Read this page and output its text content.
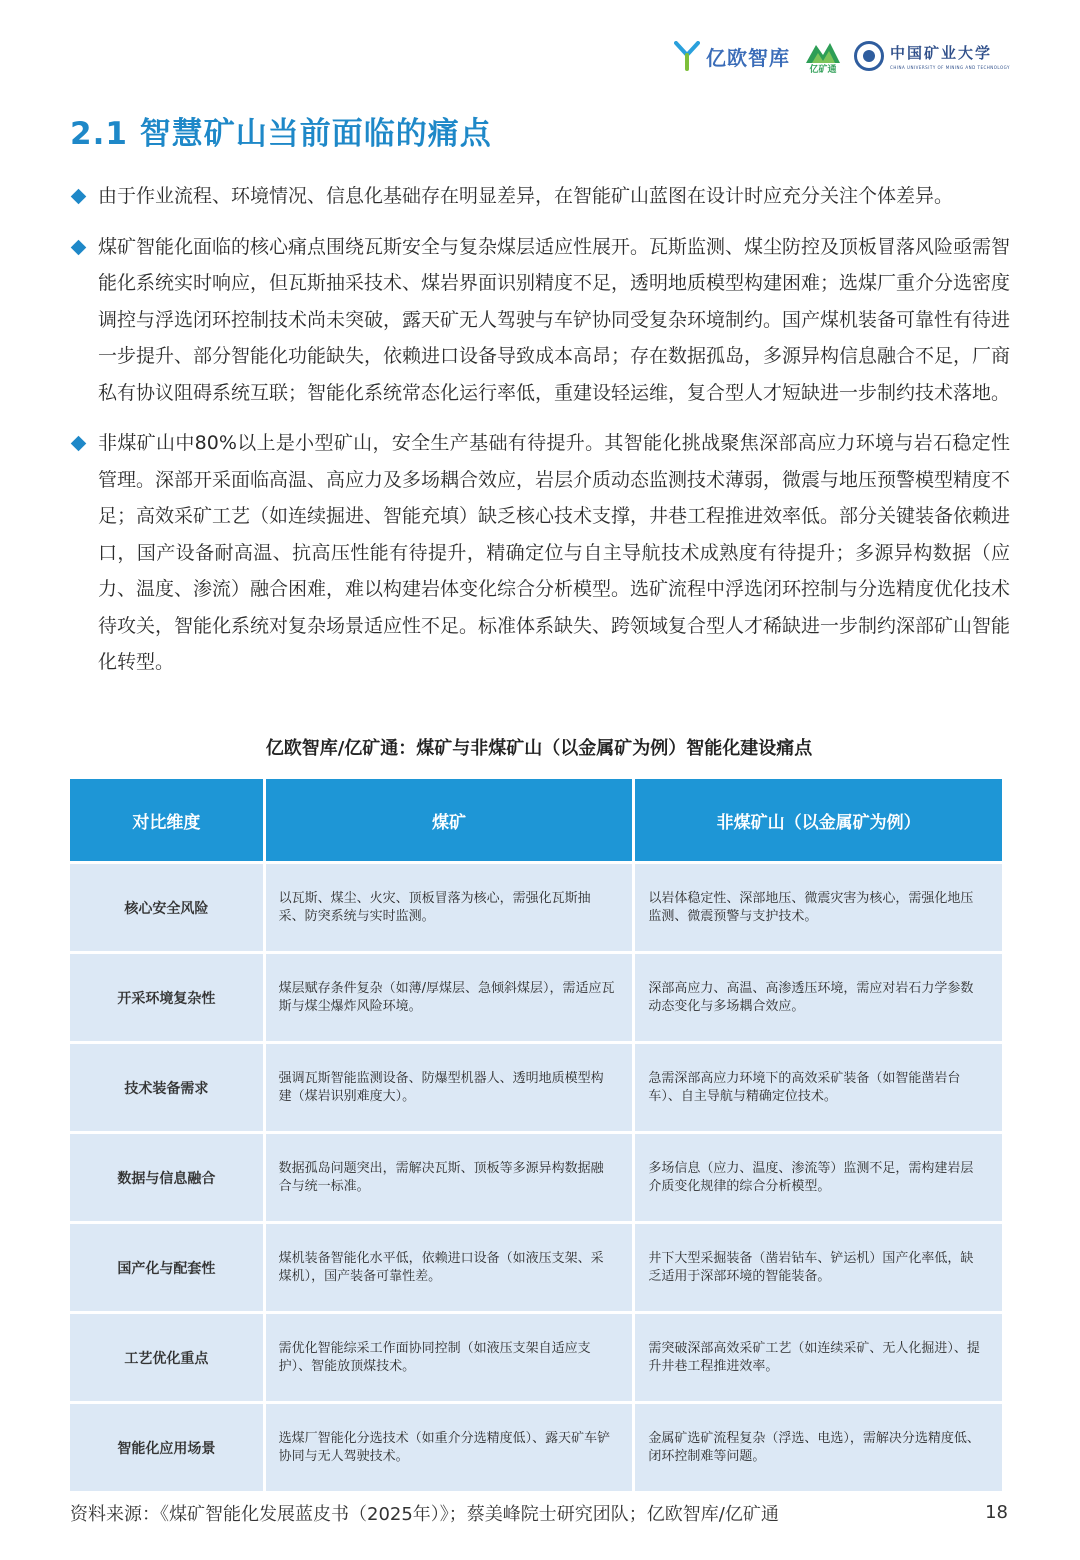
亿欧智库
亿矿通
中国矿业大学
CHINA UNIVERSITY OF MINING AND TECHNOLOGY
2.1 智慧矿山当前面临的痛点

由于作业流程、环境情况、信息化基础存在明显差异，在智能矿山蓝图在设计时应充分关注个体差异。

煤矿智能化面临的核心痛点围绕瓦斯安全与复杂煤层适应性展开。瓦斯监测、煤尘防控及顶板冒落风险亟需智能化系统实时响应，但瓦斯抽采技术、煤岩界面识别精度不足，透明地质模型构建困难；选煤厂重介分选密度调控与浮选闭环控制技术尚未突破，露天矿无人驾驶与车铲协同受复杂环境制约。国产煤机装备可靠性有待进一步提升、部分智能化功能缺失，依赖进口设备导致成本高昂；存在数据孤岛，多源异构信息融合不足，厂商私有协议阻碍系统互联；智能化系统常态化运行率低，重建设轻运维，复合型人才短缺进一步制约技术落地。

非煤矿山中80%以上是小型矿山，安全生产基础有待提升。其智能化挑战聚焦深部高应力环境与岩石稳定性管理。深部开采面临高温、高应力及多场耦合效应，岩层介质动态监测技术薄弱，微震与地压预警模型精度不足；高效采矿工艺（如连续掘进、智能充填）缺乏核心技术支撑，井巷工程推进效率低。部分关键装备依赖进口，国产设备耐高温、抗高压性能有待提升，精确定位与自主导航技术成熟度有待提升；多源异构数据（应力、温度、渗流）融合困难，难以构建岩体变化综合分析模型。选矿流程中浮选闭环控制与分选精度优化技术待攻关，智能化系统对复杂场景适应性不足。标准体系缺失、跨领域复合型人才稀缺进一步制约深部矿山智能化转型。

亿欧智库/亿矿通：煤矿与非煤矿山（以金属矿为例）智能化建设痛点
对比维度	煤矿	非煤矿山（以金属矿为例）
核心安全风险	以瓦斯、煤尘、火灾、顶板冒落为核心，需强化瓦斯抽采、防突系统与实时监测。	以岩体稳定性、深部地压、微震灾害为核心，需强化地压监测、微震预警与支护技术。
开采环境复杂性	煤层赋存条件复杂（如薄/厚煤层、急倾斜煤层），需适应瓦斯与煤尘爆炸风险环境。	深部高应力、高温、高渗透压环境，需应对岩石力学参数动态变化与多场耦合效应。
技术装备需求	强调瓦斯智能监测设备、防爆型机器人、透明地质模型构建（煤岩识别难度大）。	急需深部高应力环境下的高效采矿装备（如智能凿岩台车）、自主导航与精确定位技术。
数据与信息融合	数据孤岛问题突出，需解决瓦斯、顶板等多源异构数据融合与统一标准。	多场信息（应力、温度、渗流等）监测不足，需构建岩层介质变化规律的综合分析模型。
国产化与配套性	煤机装备智能化水平低，依赖进口设备（如液压支架、采煤机），国产装备可靠性差。	井下大型采掘装备（凿岩钻车、铲运机）国产化率低，缺乏适用于深部环境的智能装备。
工艺优化重点	需优化智能综采工作面协同控制（如液压支架自适应支护）、智能放顶煤技术。	需突破深部高效采矿工艺（如连续采矿、无人化掘进）、提升井巷工程推进效率。
智能化应用场景	选煤厂智能化分选技术（如重介分选精度低）、露天矿车铲协同与无人驾驶技术。	金属矿选矿流程复杂（浮选、电选），需解决分选精度低、闭环控制难等问题。
资料来源：《煤矿智能化发展蓝皮书（2025年）》；蔡美峰院士研究团队；亿欧智库/亿矿通	18
